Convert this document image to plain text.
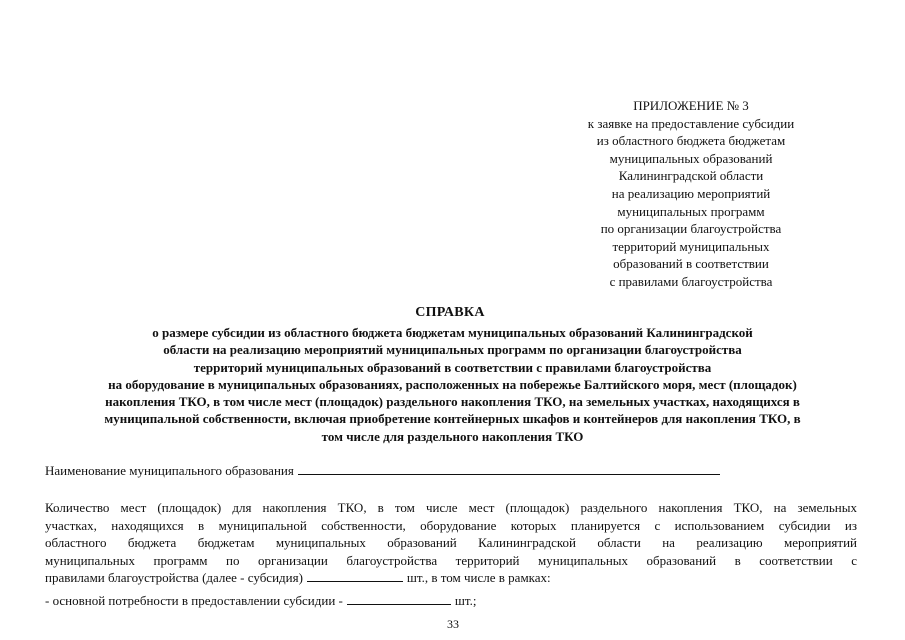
ПРИЛОЖЕНИЕ № 3
к заявке на предоставление субсидии
из областного бюджета бюджетам
муниципальных образований
Калининградской области
на реализацию мероприятий
муниципальных программ
по организации благоустройства
территорий муниципальных
образований в соответствии
с правилами благоустройства
СПРАВКА
о размере субсидии из областного бюджета бюджетам муниципальных образований Калининградской
области на реализацию мероприятий муниципальных программ по организации благоустройства
территорий муниципальных образований в соответствии с правилами благоустройства
на оборудование в муниципальных образованиях, расположенных на побережье Балтийского моря, мест (площадок)
накопления ТКО, в том числе мест (площадок) раздельного накопления ТКО, на земельных участках, находящихся в
муниципальной собственности, включая приобретение контейнерных шкафов и контейнеров для накопления ТКО, в
том числе для раздельного накопления ТКО
Наименование муниципального образования
Количество мест (площадок) для накопления ТКО, в том числе мест (площадок) раздельного накопления ТКО, на земельных
участках, находящихся в муниципальной собственности, оборудование которых планируется с использованием субсидии из
областного бюджета бюджетам муниципальных образований Калининградской области на реализацию мероприятий
муниципальных программ по организации благоустройства территорий муниципальных образований в соответствии с
правилами благоустройства (далее - субсидия)	шт., в том числе в рамках:
- основной потребности в предоставлении субсидии -	шт.;
33
